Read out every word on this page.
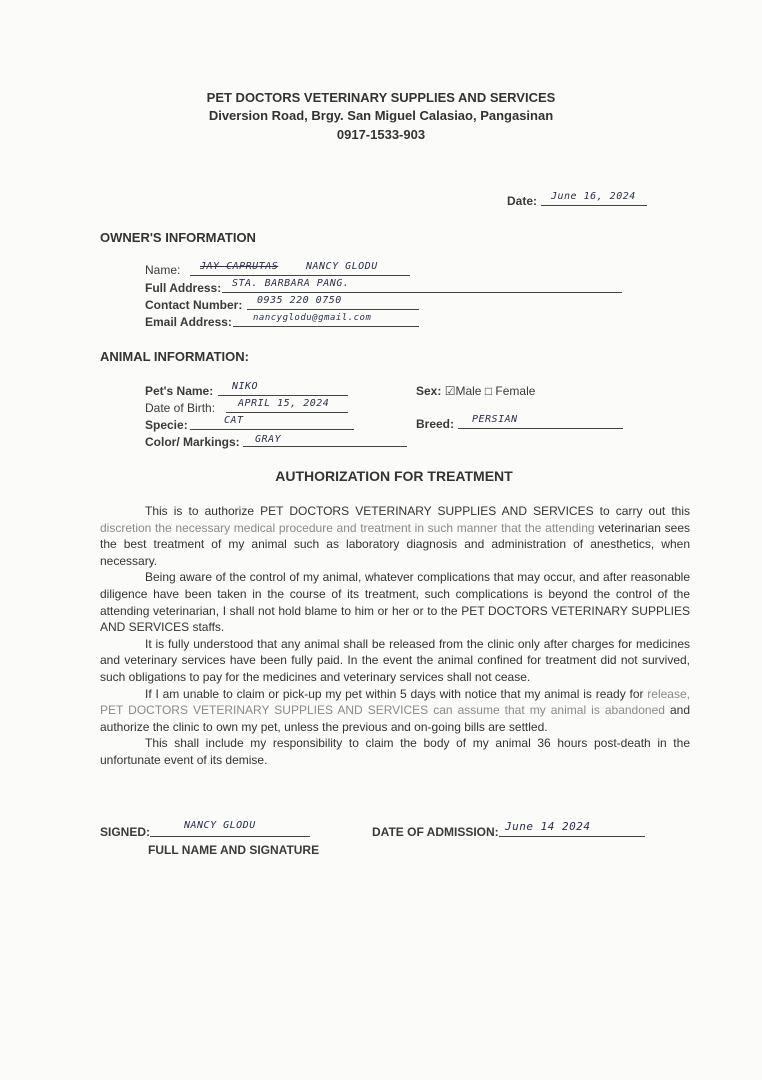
PET DOCTORS VETERINARY SUPPLIES AND SERVICES
Diversion Road, Brgy. San Miguel Calasiao, Pangasinan
0917-1533-903
Date: June 16, 2024
OWNER'S INFORMATION
Name: JAY CAPRUTAS	NANCY GLODU
Full Address: STA. BARBARA PANG.
Contact Number: 0935 220 0750
Email Address: nancyglodu@gmail.com
ANIMAL INFORMATION:
Pet's Name: NIKO
Date of Birth: APRIL 15, 2024
Specie:	CAT
Color/ Markings: GRAY
Sex: ☑Male □ Female
Breed: PERSIAN
AUTHORIZATION FOR TREATMENT

This is to authorize PET DOCTORS VETERINARY SUPPLIES AND SERVICES to carry out this discretion the necessary medical procedure and treatment in such manner that the attending veterinarian sees the best treatment of my animal such as laboratory diagnosis and administration of anesthetics, when necessary.

Being aware of the control of my animal, whatever complications that may occur, and after reasonable diligence have been taken in the course of its treatment, such complications is beyond the control of the attending veterinarian, I shall not hold blame to him or her or to the PET DOCTORS VETERINARY SUPPLIES AND SERVICES staffs.

It is fully understood that any animal shall be released from the clinic only after charges for medicines and veterinary services have been fully paid. In the event the animal confined for treatment did not survived, such obligations to pay for the medicines and veterinary services shall not cease.

If I am unable to claim or pick-up my pet within 5 days with notice that my animal is ready for release, PET DOCTORS VETERINARY SUPPLIES AND SERVICES can assume that my animal is abandoned and authorize the clinic to own my pet, unless the previous and on-going bills are settled.

This shall include my responsibility to claim the body of my animal 36 hours post-death in the unfortunate event of its demise.

SIGNED:	NANCY GLODU
FULL NAME AND SIGNATURE
DATE OF ADMISSION: June 14 2024
